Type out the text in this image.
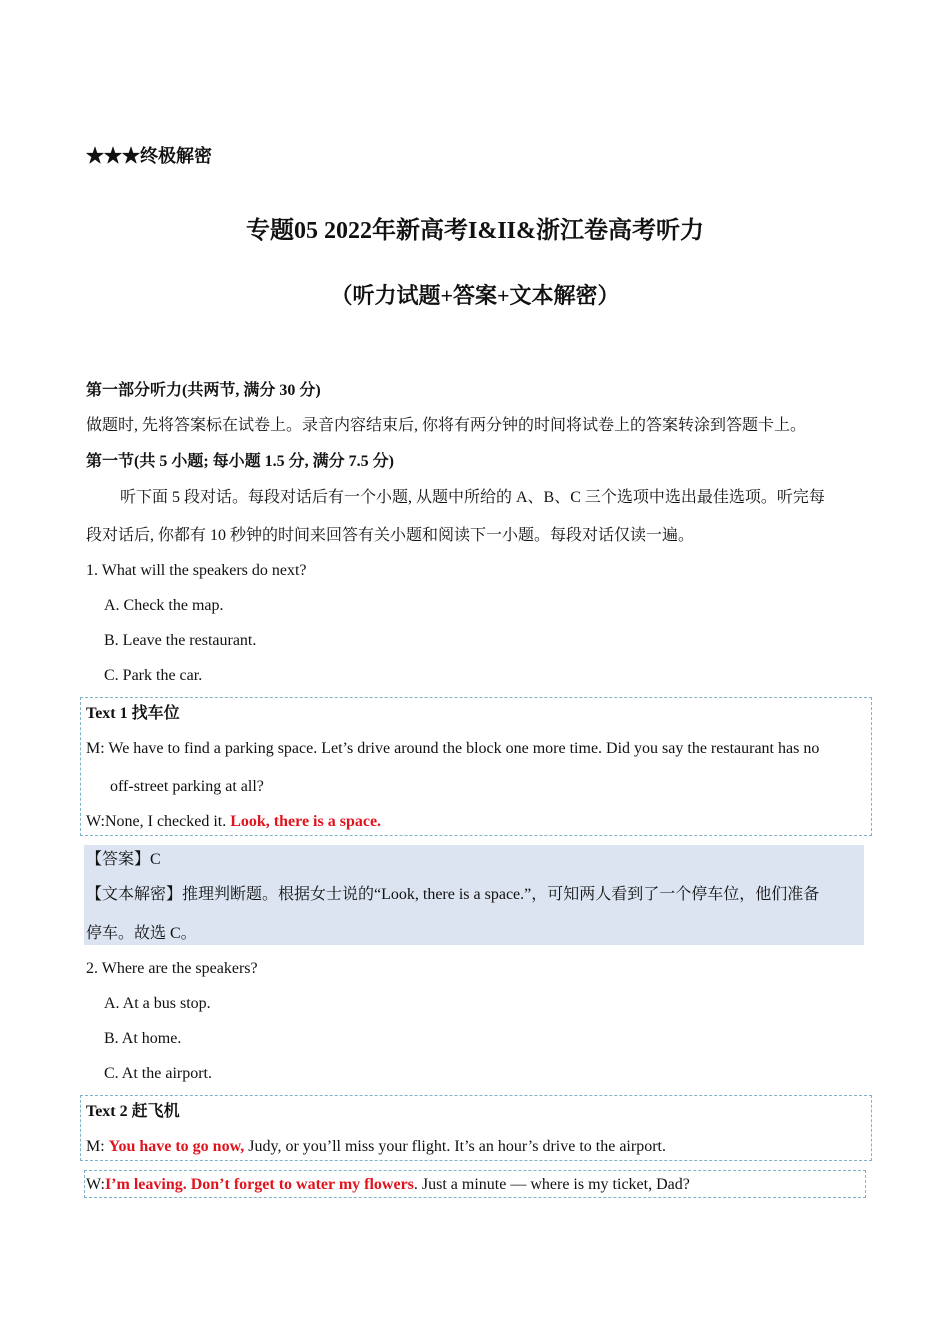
★★★终极解密
专题05 2022年新高考I&II&浙江卷高考听力
（听力试题+答案+文本解密）
第一部分听力(共两节, 满分 30 分)
做题时, 先将答案标在试卷上。录音内容结束后, 你将有两分钟的时间将试卷上的答案转涂到答题卡上。
第一节(共 5 小题; 每小题 1.5 分, 满分 7.5 分)
听下面 5 段对话。每段对话后有一个小题, 从题中所给的 A、B、C 三个选项中选出最佳选项。听完每
段对话后, 你都有 10 秒钟的时间来回答有关小题和阅读下一小题。每段对话仅读一遍。
1. What will the speakers do next?
A. Check the map.
B. Leave the restaurant.
C. Park the car.
Text 1 找车位
M: We have to find a parking space. Let’s drive around the block one more time. Did you say the restaurant has no
off-street parking at all?
W:None, I checked it. Look, there is a space.
【答案】C
【文本解密】推理判断题。根据女士说的“Look, there is a space.”，可知两人看到了一个停车位，他们准备
停车。故选 C。
2. Where are the speakers?
A. At a bus stop.
B. At home.
C. At the airport.
Text 2 赶飞机
M: You have to go now, Judy, or you’ll miss your flight. It’s an hour’s drive to the airport.
W:I’m leaving. Don’t forget to water my flowers. Just a minute — where is my ticket, Dad?
